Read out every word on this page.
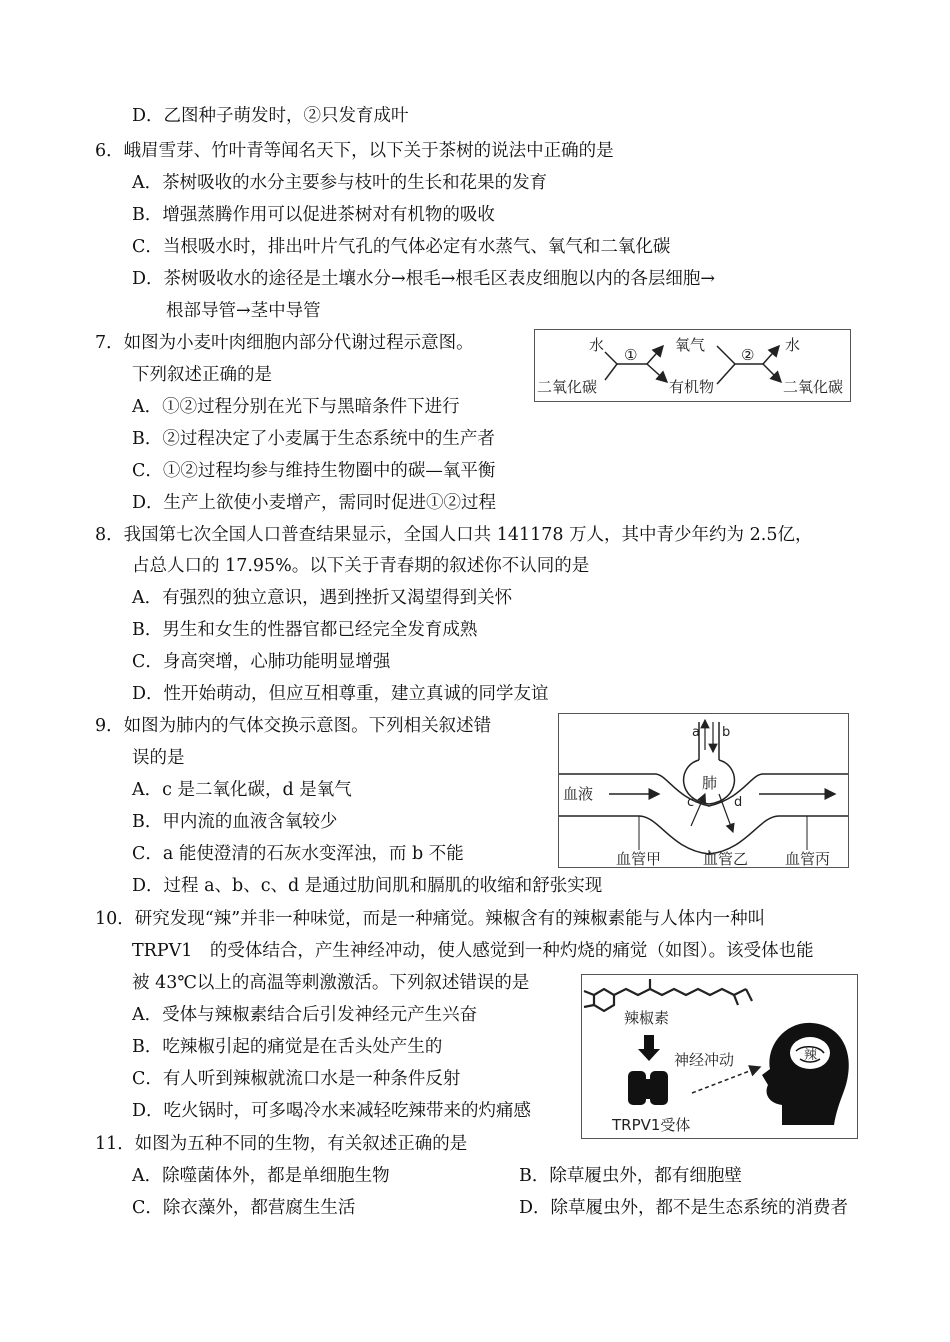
D．乙图种子萌发时，②只发育成叶
6．峨眉雪芽、竹叶青等闻名天下，以下关于茶树的说法中正确的是
A．茶树吸收的水分主要参与枝叶的生长和花果的发育
B．增强蒸腾作用可以促进茶树对有机物的吸收
C．当根吸水时，排出叶片气孔的气体必定有水蒸气、氧气和二氧化碳
D．茶树吸收水的途径是土壤水分→根毛→根毛区表皮细胞以内的各层细胞→
根部导管→茎中导管
7．如图为小麦叶肉细胞内部分代谢过程示意图。
下列叙述正确的是
A．①②过程分别在光下与黑暗条件下进行
B．②过程决定了小麦属于生态系统中的生产者
C．①②过程均参与维持生物圈中的碳—氧平衡
D．生产上欲使小麦增产，需同时促进①②过程
水
二氧化碳
①
氧气
有机物
②
水
二氧化碳
8．我国第七次全国人口普查结果显示，全国人口共 141178 万人，其中青少年约为 2.5亿，
占总人口的 17.95%。以下关于青春期的叙述你不认同的是
A．有强烈的独立意识，遇到挫折又渴望得到关怀
B．男生和女生的性器官都已经完全发育成熟
C．身高突增，心肺功能明显增强
D．性开始萌动，但应互相尊重，建立真诚的同学友谊
9．如图为肺内的气体交换示意图。下列相关叙述错
误的是
A．c 是二氧化碳，d 是氧气
B．甲内流的血液含氧较少
C．a 能使澄清的石灰水变浑浊，而 b 不能
D．过程 a、b、c、d 是通过肋间肌和膈肌的收缩和舒张实现
a b
肺
血液	c	d
血管甲	血管乙 血管丙
10．研究发现“辣”并非一种味觉，而是一种痛觉。辣椒含有的辣椒素能与人体内一种叫
TRPV1　的受体结合，产生神经冲动，使人感觉到一种灼烧的痛觉（如图）。该受体也能
被 43℃以上的高温等刺激激活。下列叙述错误的是
A．受体与辣椒素结合后引发神经元产生兴奋
B．吃辣椒引起的痛觉是在舌头处产生的
C．有人听到辣椒就流口水是一种条件反射
D．吃火锅时，可多喝冷水来减轻吃辣带来的灼痛感
辣椒素
TRPV1受体
神经冲动	辣
11．如图为五种不同的生物，有关叙述正确的是
A．除噬菌体外，都是单细胞生物	B．除草履虫外，都有细胞壁
C．除衣藻外，都营腐生生活	D．除草履虫外，都不是生态系统的消费者
